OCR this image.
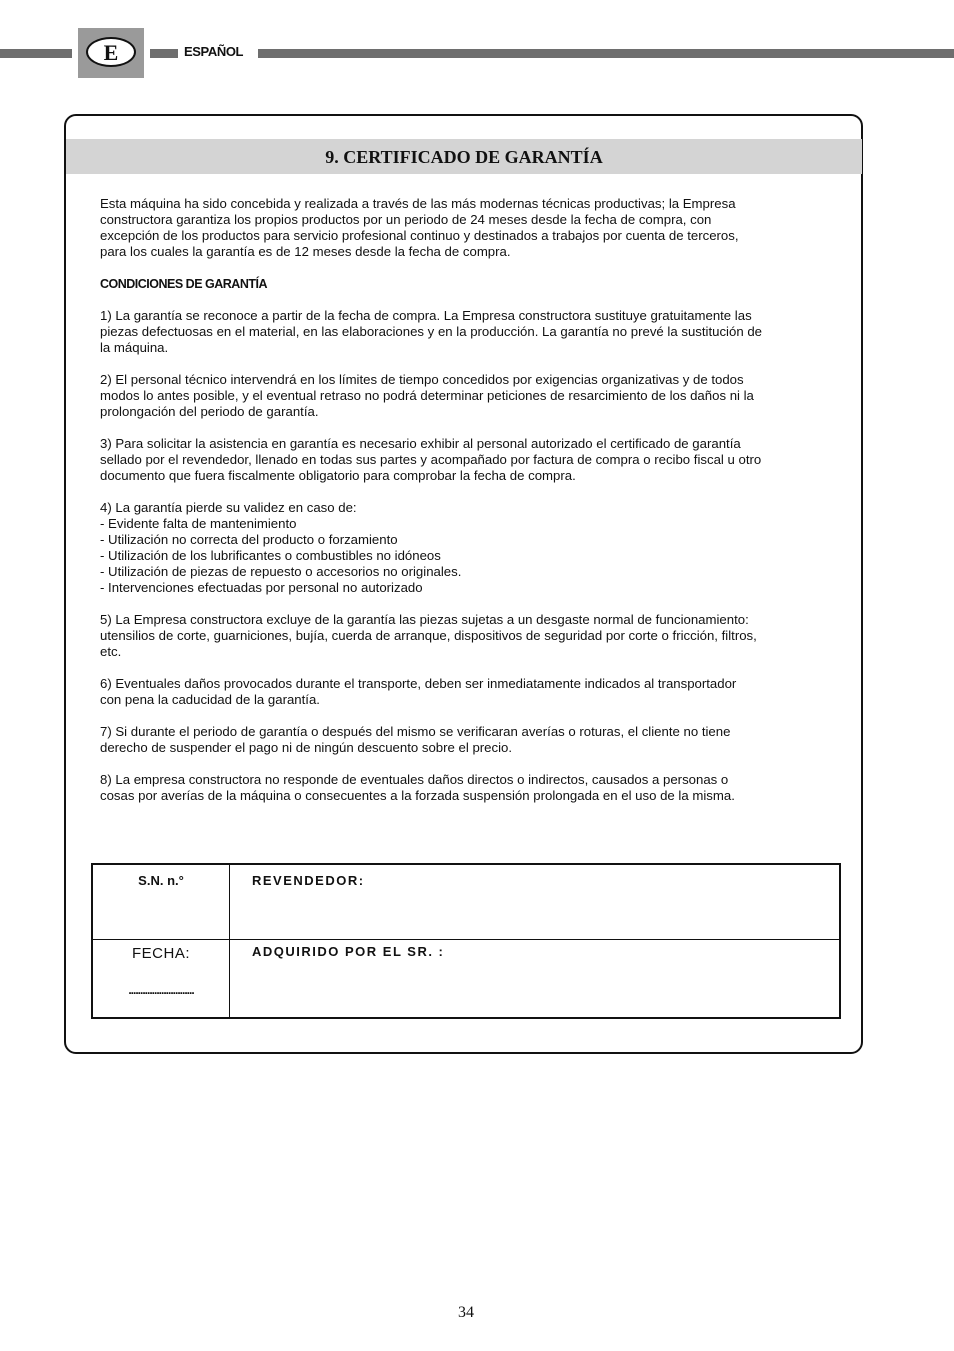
E	ESPAÑOL
9. CERTIFICADO DE GARANTÍA

Esta máquina ha sido concebida y realizada a través de las más modernas técnicas productivas; la Empresa
constructora garantiza los propios productos por un periodo de 24 meses desde la fecha de compra, con
excepción de los productos para servicio profesional continuo y destinados a trabajos por cuenta de terceros,
para los cuales la garantía es de 12 meses desde la fecha de compra.

CONDICIONES DE GARANTÍA

1) La garantía se reconoce a partir de la fecha de compra. La Empresa constructora sustituye gratuitamente las
piezas defectuosas en el material, en las elaboraciones y en la producción. La garantía no prevé la sustitución de
la máquina.

2) El personal técnico intervendrá en los límites de tiempo concedidos por exigencias organizativas y de todos
modos lo antes posible, y el eventual retraso no podrá determinar peticiones de resarcimiento de los daños ni la
prolongación del periodo de garantía.

3) Para solicitar la asistencia en garantía es necesario exhibir al personal autorizado el certificado de garantía
sellado por el revendedor, llenado en todas sus partes y acompañado por factura de compra o recibo fiscal u otro
documento que fuera fiscalmente obligatorio para comprobar la fecha de compra.

4) La garantía pierde su validez en caso de:
- Evidente falta de mantenimiento
- Utilización no correcta del producto o forzamiento
- Utilización de los lubrificantes o combustibles no idóneos
- Utilización de piezas de repuesto o accesorios no originales.
- Intervenciones efectuadas por personal no autorizado

5) La Empresa constructora excluye de la garantía las piezas sujetas a un desgaste normal de funcionamiento:
utensilios de corte, guarniciones, bujía, cuerda de arranque, dispositivos de seguridad por corte o fricción, filtros,
etc.

6) Eventuales daños provocados durante el transporte, deben ser inmediatamente indicados al transportador
con pena la caducidad de la garantía.

7) Si durante el periodo de garantía o después del mismo se verificaran averías o roturas, el cliente no tiene
derecho de suspender el pago ni de ningún descuento sobre el precio.

8) La empresa constructora no responde de eventuales daños directos o indirectos, causados a personas o
cosas por averías de la máquina o consecuentes a la forzada suspensión prolongada en el uso de la misma.

S.N. n.°	REVENDEDOR:
FECHA:
............................
ADQUIRIDO POR EL SR. :
34
